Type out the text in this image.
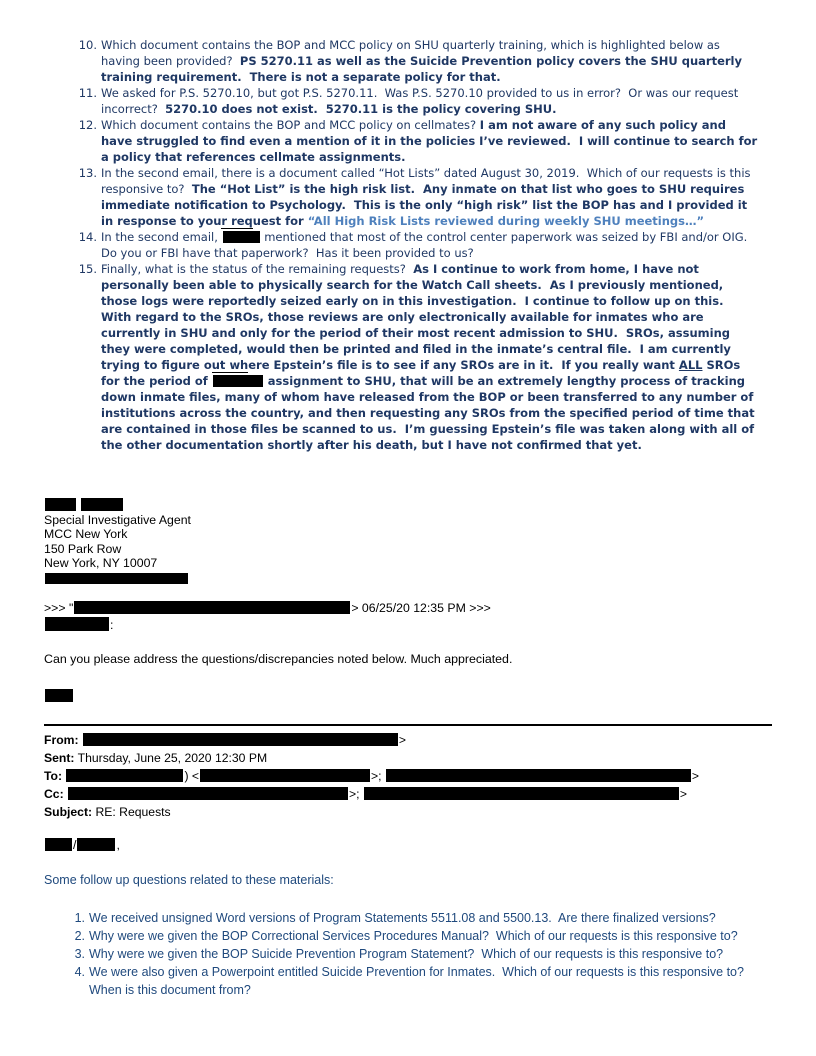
10. Which document contains the BOP and MCC policy on SHU quarterly training, which is highlighted below as having been provided?  PS 5270.11 as well as the Suicide Prevention policy covers the SHU quarterly training requirement.  There is not a separate policy for that.
11. We asked for P.S. 5270.10, but got P.S. 5270.11.  Was P.S. 5270.10 provided to us in error?  Or was our request incorrect?  5270.10 does not exist.  5270.11 is the policy covering SHU.
12. Which document contains the BOP and MCC policy on cellmates? I am not aware of any such policy and have struggled to find even a mention of it in the policies I’ve reviewed.  I will continue to search for a policy that references cellmate assignments.
13. In the second email, there is a document called “Hot Lists” dated August 30, 2019.  Which of our requests is this responsive to?  The “Hot List” is the high risk list.  Any inmate on that list who goes to SHU requires immediate notification to Psychology.  This is the only “high risk” list the BOP has and I provided it in response to your request for “All High Risk Lists reviewed during weekly SHU meetings…”
14. In the second email,	mentioned that most of the control center paperwork was seized by FBI and/or OIG.  Do you or FBI have that paperwork?  Has it been provided to us?
15. Finally, what is the status of the remaining requests?  As I continue to work from home, I have not personally been able to physically search for the Watch Call sheets.  As I previously mentioned, those logs were reportedly seized early on in this investigation.  I continue to follow up on this.  With regard to the SROs, those reviews are only electronically available for inmates who are currently in SHU and only for the period of their most recent admission to SHU.  SROs, assuming they were completed, would then be printed and filed in the inmate’s central file.  I am currently trying to figure out where Epstein’s file is to see if any SROs are in it.  If you really want ALL SROs for the period of	assignment to SHU, that will be an extremely lengthy process of tracking down inmate files, many of whom have released from the BOP or been transferred to any number of institutions across the country, and then requesting any SROs from the specified period of time that are contained in those files be scanned to us.  I’m guessing Epstein’s file was taken along with all of the other documentation shortly after his death, but I have not confirmed that yet.

Special Investigative Agent
MCC New York
150 Park Row
New York, NY 10007
>>> "	> 06/25/20 12:35 PM >>>
:

Can you please address the questions/discrepancies noted below. Much appreciated.

From:	>
Sent: Thursday, June 25, 2020 12:30 PM
To:	) <	>;	>
Cc:	>;	>
Subject: RE: Requests
/	,

Some follow up questions related to these materials:

1. We received unsigned Word versions of Program Statements 5511.08 and 5500.13.  Are there finalized versions?
2. Why were we given the BOP Correctional Services Procedures Manual?  Which of our requests is this responsive to?
3. Why were we given the BOP Suicide Prevention Program Statement?  Which of our requests is this responsive to?
4. We were also given a Powerpoint entitled Suicide Prevention for Inmates.  Which of our requests is this responsive to?  When is this document from?
